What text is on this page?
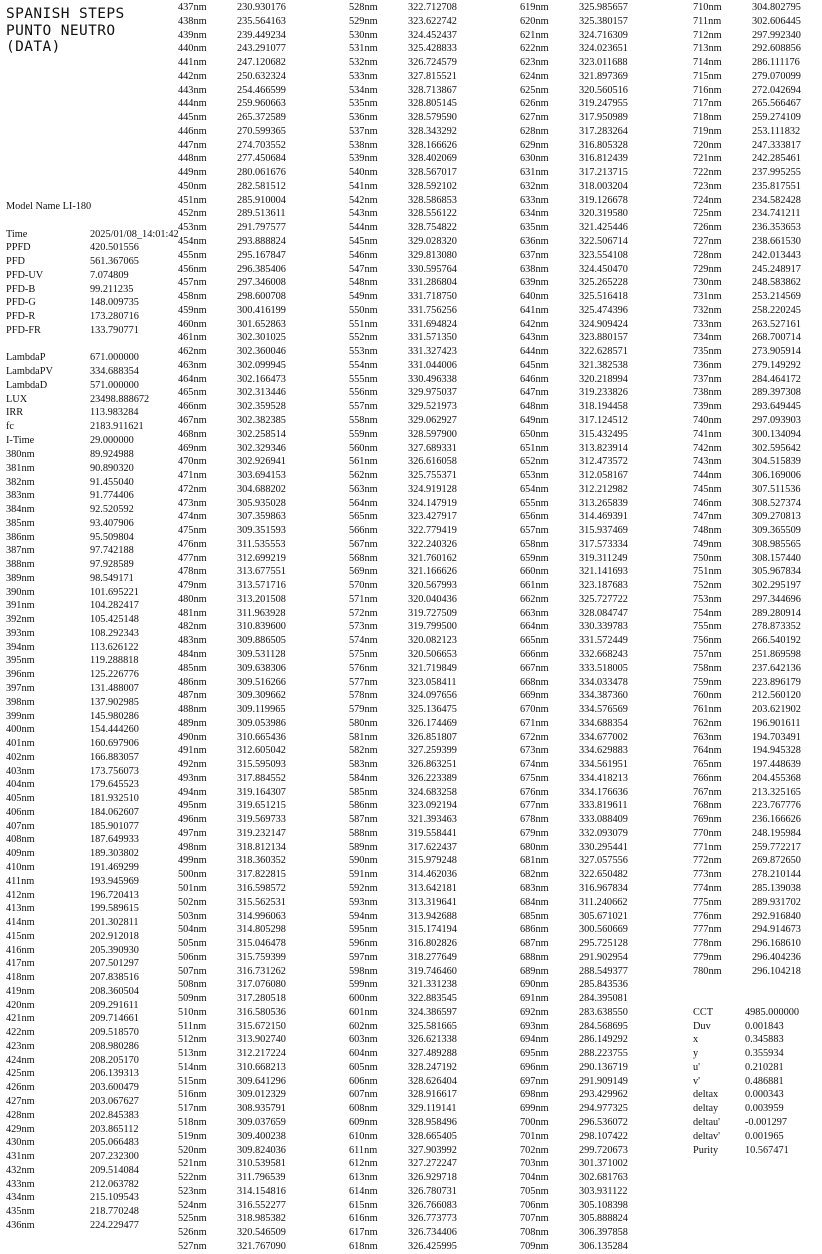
SPANISH STEPS
PUNTO NEUTRO
(DATA)
Model Name LI-180
Time	2025/01/08_14:01:42
PPFD	420.501556
PFD	561.367065
PFD-UV	7.074809
PFD-B	99.211235
PFD-G	148.009735
PFD-R	173.280716
PFD-FR	133.790771
LambdaP	671.000000
LambdaPV	334.688354
LambdaD	571.000000
LUX	23498.888672
IRR	113.983284
fc	2183.911621
I-Time	29.000000
380nm	89.924988
381nm	90.890320
382nm	91.455040
383nm	91.774406
384nm	92.520592
385nm	93.407906
386nm	95.509804
387nm	97.742188
388nm	97.928589
389nm	98.549171
390nm	101.695221
391nm	104.282417
392nm	105.425148
393nm	108.292343
394nm	113.626122
395nm	119.288818
396nm	125.226776
397nm	131.488007
398nm	137.902985
399nm	145.980286
400nm	154.444260
401nm	160.697906
402nm	166.883057
403nm	173.756073
404nm	179.645523
405nm	181.932510
406nm	184.062607
407nm	185.901077
408nm	187.649933
409nm	189.303802
410nm	191.469299
411nm	193.945969
412nm	196.720413
413nm	199.589615
414nm	201.302811
415nm	202.912018
416nm	205.390930
417nm	207.501297
418nm	207.838516
419nm	208.360504
420nm	209.291611
421nm	209.714661
422nm	209.518570
423nm	208.980286
424nm	208.205170
425nm	206.139313
426nm	203.600479
427nm	203.067627
428nm	202.845383
429nm	203.865112
430nm	205.066483
431nm	207.232300
432nm	209.514084
433nm	212.063782
434nm	215.109543
435nm	218.770248
436nm	224.229477
437nm	230.930176
438nm	235.564163
439nm	239.449234
440nm	243.291077
441nm	247.120682
442nm	250.632324
443nm	254.466599
444nm	259.960663
445nm	265.372589
446nm	270.599365
447nm	274.703552
448nm	277.450684
449nm	280.061676
450nm	282.581512
451nm	285.910004
452nm	289.513611
453nm	291.797577
454nm	293.888824
455nm	295.167847
456nm	296.385406
457nm	297.346008
458nm	298.600708
459nm	300.416199
460nm	301.652863
461nm	302.301025
462nm	302.360046
463nm	302.099945
464nm	302.166473
465nm	302.313446
466nm	302.359528
467nm	302.382385
468nm	302.258514
469nm	302.329346
470nm	302.926941
471nm	303.694153
472nm	304.688202
473nm	305.935028
474nm	307.359863
475nm	309.351593
476nm	311.535553
477nm	312.699219
478nm	313.677551
479nm	313.571716
480nm	313.201508
481nm	311.963928
482nm	310.839600
483nm	309.886505
484nm	309.531128
485nm	309.638306
486nm	309.516266
487nm	309.309662
488nm	309.119965
489nm	309.053986
490nm	310.665436
491nm	312.605042
492nm	315.595093
493nm	317.884552
494nm	319.164307
495nm	319.651215
496nm	319.569733
497nm	319.232147
498nm	318.812134
499nm	318.360352
500nm	317.822815
501nm	316.598572
502nm	315.562531
503nm	314.996063
504nm	314.805298
505nm	315.046478
506nm	315.759399
507nm	316.731262
508nm	317.076080
509nm	317.280518
510nm	316.580536
511nm	315.672150
512nm	313.902740
513nm	312.217224
514nm	310.668213
515nm	309.641296
516nm	309.012329
517nm	308.935791
518nm	309.037659
519nm	309.400238
520nm	309.824036
521nm	310.539581
522nm	311.796539
523nm	314.154816
524nm	316.552277
525nm	318.985382
526nm	320.546509
527nm	321.767090
528nm	322.712708
529nm	323.622742
530nm	324.452437
531nm	325.428833
532nm	326.724579
533nm	327.815521
534nm	328.713867
535nm	328.805145
536nm	328.579590
537nm	328.343292
538nm	328.166626
539nm	328.402069
540nm	328.567017
541nm	328.592102
542nm	328.586853
543nm	328.556122
544nm	328.754822
545nm	329.028320
546nm	329.813080
547nm	330.595764
548nm	331.286804
549nm	331.718750
550nm	331.756256
551nm	331.694824
552nm	331.571350
553nm	331.327423
554nm	331.044006
555nm	330.496338
556nm	329.975037
557nm	329.521973
558nm	329.062927
559nm	328.597900
560nm	327.689331
561nm	326.616058
562nm	325.755371
563nm	324.919128
564nm	324.147919
565nm	323.427917
566nm	322.779419
567nm	322.240326
568nm	321.760162
569nm	321.166626
570nm	320.567993
571nm	320.040436
572nm	319.727509
573nm	319.799500
574nm	320.082123
575nm	320.506653
576nm	321.719849
577nm	323.058411
578nm	324.097656
579nm	325.136475
580nm	326.174469
581nm	326.851807
582nm	327.259399
583nm	326.863251
584nm	326.223389
585nm	324.683258
586nm	323.092194
587nm	321.393463
588nm	319.558441
589nm	317.622437
590nm	315.979248
591nm	314.462036
592nm	313.642181
593nm	313.319641
594nm	313.942688
595nm	315.174194
596nm	316.802826
597nm	318.277649
598nm	319.746460
599nm	321.331238
600nm	322.883545
601nm	324.386597
602nm	325.581665
603nm	326.621338
604nm	327.489288
605nm	328.247192
606nm	328.626404
607nm	328.916617
608nm	329.119141
609nm	328.958496
610nm	328.665405
611nm	327.903992
612nm	327.272247
613nm	326.929718
614nm	326.780731
615nm	326.766083
616nm	326.773773
617nm	326.734406
618nm	326.425995
619nm	325.985657
620nm	325.380157
621nm	324.716309
622nm	324.023651
623nm	323.011688
624nm	321.897369
625nm	320.560516
626nm	319.247955
627nm	317.950989
628nm	317.283264
629nm	316.805328
630nm	316.812439
631nm	317.213715
632nm	318.003204
633nm	319.126678
634nm	320.319580
635nm	321.425446
636nm	322.506714
637nm	323.554108
638nm	324.450470
639nm	325.265228
640nm	325.516418
641nm	325.474396
642nm	324.909424
643nm	323.880157
644nm	322.628571
645nm	321.382538
646nm	320.218994
647nm	319.233826
648nm	318.194458
649nm	317.124512
650nm	315.432495
651nm	313.823914
652nm	312.473572
653nm	312.058167
654nm	312.212982
655nm	313.265839
656nm	314.469391
657nm	315.937469
658nm	317.573334
659nm	319.311249
660nm	321.141693
661nm	323.187683
662nm	325.727722
663nm	328.084747
664nm	330.339783
665nm	331.572449
666nm	332.668243
667nm	333.518005
668nm	334.033478
669nm	334.387360
670nm	334.576569
671nm	334.688354
672nm	334.677002
673nm	334.629883
674nm	334.561951
675nm	334.418213
676nm	334.176636
677nm	333.819611
678nm	333.088409
679nm	332.093079
680nm	330.295441
681nm	327.057556
682nm	322.650482
683nm	316.967834
684nm	311.240662
685nm	305.671021
686nm	300.560669
687nm	295.725128
688nm	291.902954
689nm	288.549377
690nm	285.843536
691nm	284.395081
692nm	283.638550
693nm	284.568695
694nm	286.149292
695nm	288.223755
696nm	290.136719
697nm	291.909149
698nm	293.429962
699nm	294.977325
700nm	296.536072
701nm	298.107422
702nm	299.720673
703nm	301.371002
704nm	302.681763
705nm	303.931122
706nm	305.108398
707nm	305.888824
708nm	306.397858
709nm	306.135284
710nm	304.802795
711nm	302.606445
712nm	297.992340
713nm	292.608856
714nm	286.111176
715nm	279.070099
716nm	272.042694
717nm	265.566467
718nm	259.274109
719nm	253.111832
720nm	247.333817
721nm	242.285461
722nm	237.995255
723nm	235.817551
724nm	234.582428
725nm	234.741211
726nm	236.353653
727nm	238.661530
728nm	242.013443
729nm	245.248917
730nm	248.583862
731nm	253.214569
732nm	258.220245
733nm	263.527161
734nm	268.700714
735nm	273.905914
736nm	279.149292
737nm	284.464172
738nm	289.397308
739nm	293.649445
740nm	297.093903
741nm	300.134094
742nm	302.595642
743nm	304.515839
744nm	306.169006
745nm	307.511536
746nm	308.527374
747nm	309.270813
748nm	309.365509
749nm	308.985565
750nm	308.157440
751nm	305.967834
752nm	302.295197
753nm	297.344696
754nm	289.280914
755nm	278.873352
756nm	266.540192
757nm	251.869598
758nm	237.642136
759nm	223.896179
760nm	212.560120
761nm	203.621902
762nm	196.901611
763nm	194.703491
764nm	194.945328
765nm	197.448639
766nm	204.455368
767nm	213.325165
768nm	223.767776
769nm	236.166626
770nm	248.195984
771nm	259.772217
772nm	269.872650
773nm	278.210144
774nm	285.139038
775nm	289.931702
776nm	292.916840
777nm	294.914673
778nm	296.168610
779nm	296.404236
780nm	296.104218
CCT	4985.000000
Duv	0.001843
x	0.345883
y	0.355934
u'	0.210281
v'	0.486881
deltax	0.000343
deltay	0.003959
deltau' -0.001297
deltav' 0.001965
Purity	10.567471
